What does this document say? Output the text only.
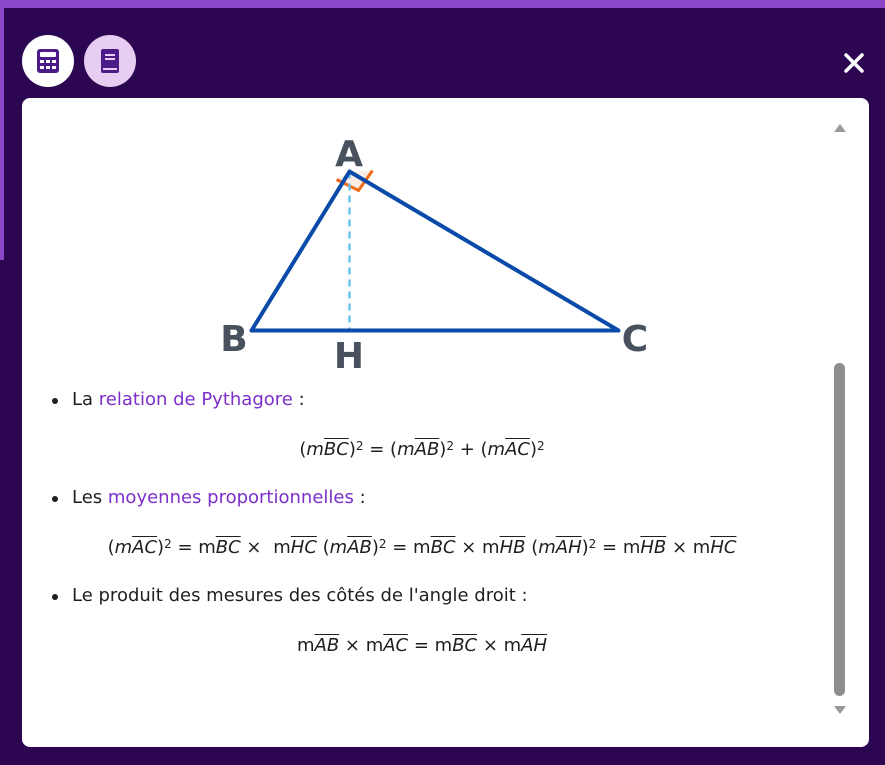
A
B	C
H
La relation de Pythagore :
$(m\overline{BC})^2 = (m\overline{AB})^2 + (m\overline{AC})^2$
Les moyennes proportionnelles :
$(m\overline{AC})^2 = m\overline{BC} \times m\overline{HC}$ $(m\overline{AB})^2 = m\overline{BC} \times m\overline{HB}$ $(m\overline{AH})^2 = m\overline{HB} \times m\overline{HC}$
Le produit des mesures des côtés de l'angle droit :
$m\overline{AB} \times m\overline{AC} = m\overline{BC} \times m\overline{AH}$
